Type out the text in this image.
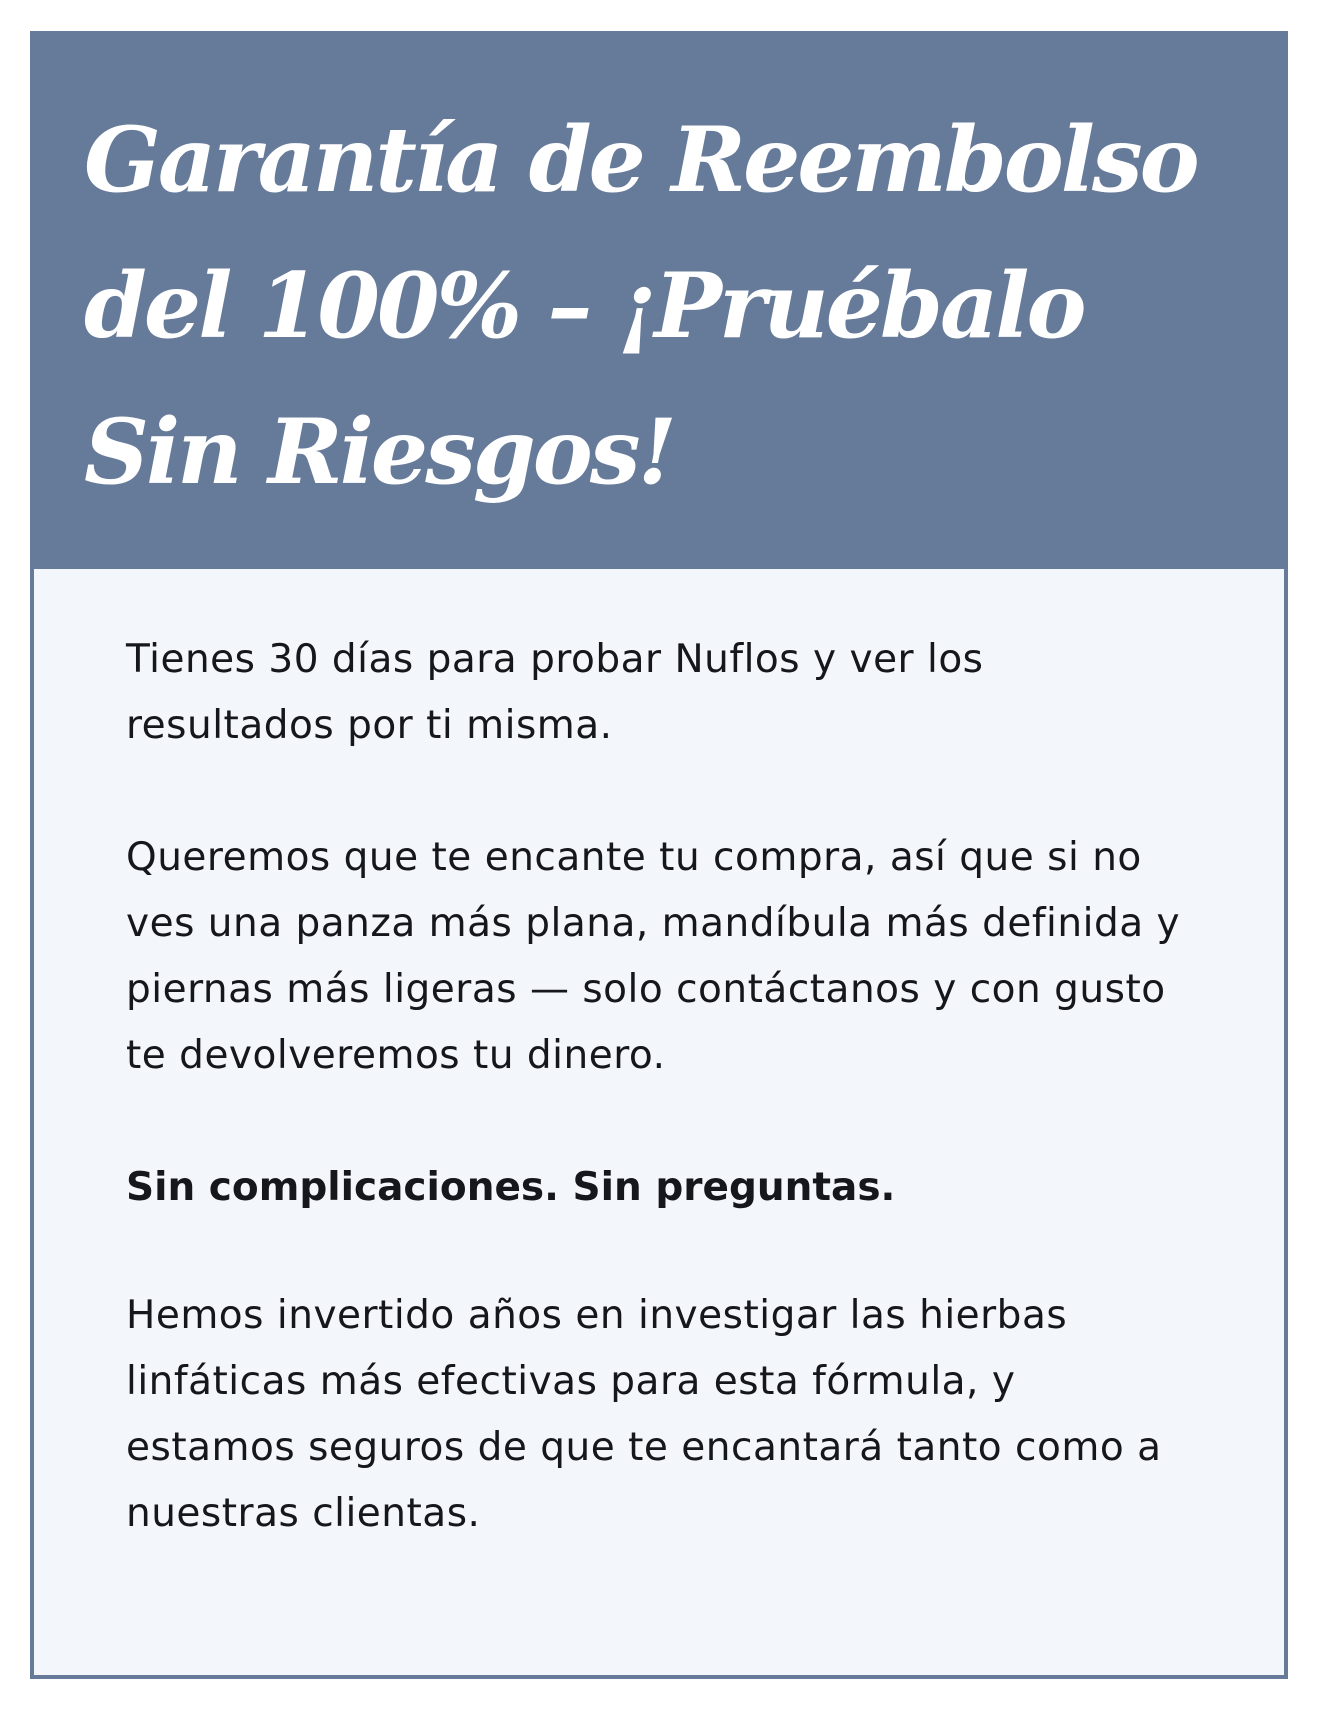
Garantía de Reembolso del 100% – ¡Pruébalo Sin Riesgos!

Tienes 30 días para probar Nuflos y ver los resultados por ti misma.

Queremos que te encante tu compra, así que si no ves una panza más plana, mandíbula más definida y piernas más ligeras — solo contáctanos y con gusto te devolveremos tu dinero.

Sin complicaciones. Sin preguntas.

Hemos invertido años en investigar las hierbas linfáticas más efectivas para esta fórmula, y estamos seguros de que te encantará tanto como a nuestras clientas.
